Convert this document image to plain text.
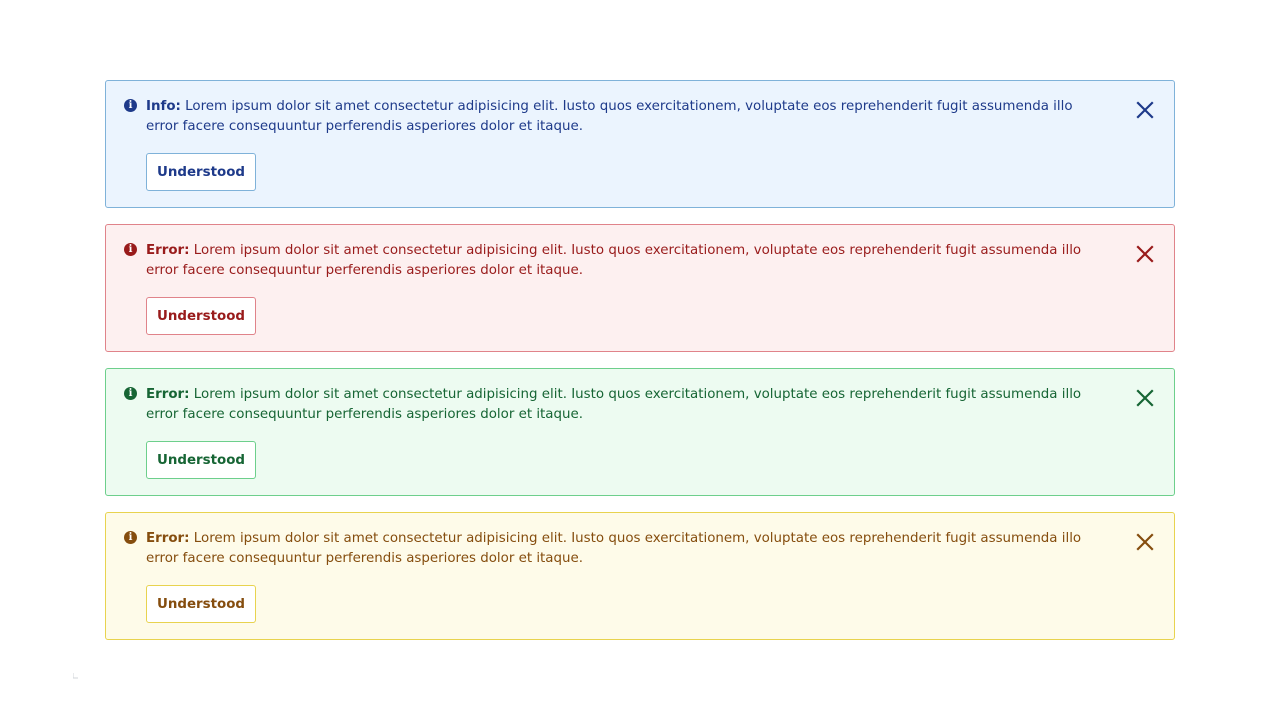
i Info: Lorem ipsum dolor sit amet consectetur adipisicing elit. Iusto quos exercitationem, voluptate eos reprehenderit fugit assumenda illo error facere consequuntur perferendis asperiores dolor et itaque.

Understood
i Error: Lorem ipsum dolor sit amet consectetur adipisicing elit. Iusto quos exercitationem, voluptate eos reprehenderit fugit assumenda illo error facere consequuntur perferendis asperiores dolor et itaque.

Understood
i Error: Lorem ipsum dolor sit amet consectetur adipisicing elit. Iusto quos exercitationem, voluptate eos reprehenderit fugit assumenda illo error facere consequuntur perferendis asperiores dolor et itaque.

Understood
i Error: Lorem ipsum dolor sit amet consectetur adipisicing elit. Iusto quos exercitationem, voluptate eos reprehenderit fugit assumenda illo error facere consequuntur perferendis asperiores dolor et itaque.

Understood
